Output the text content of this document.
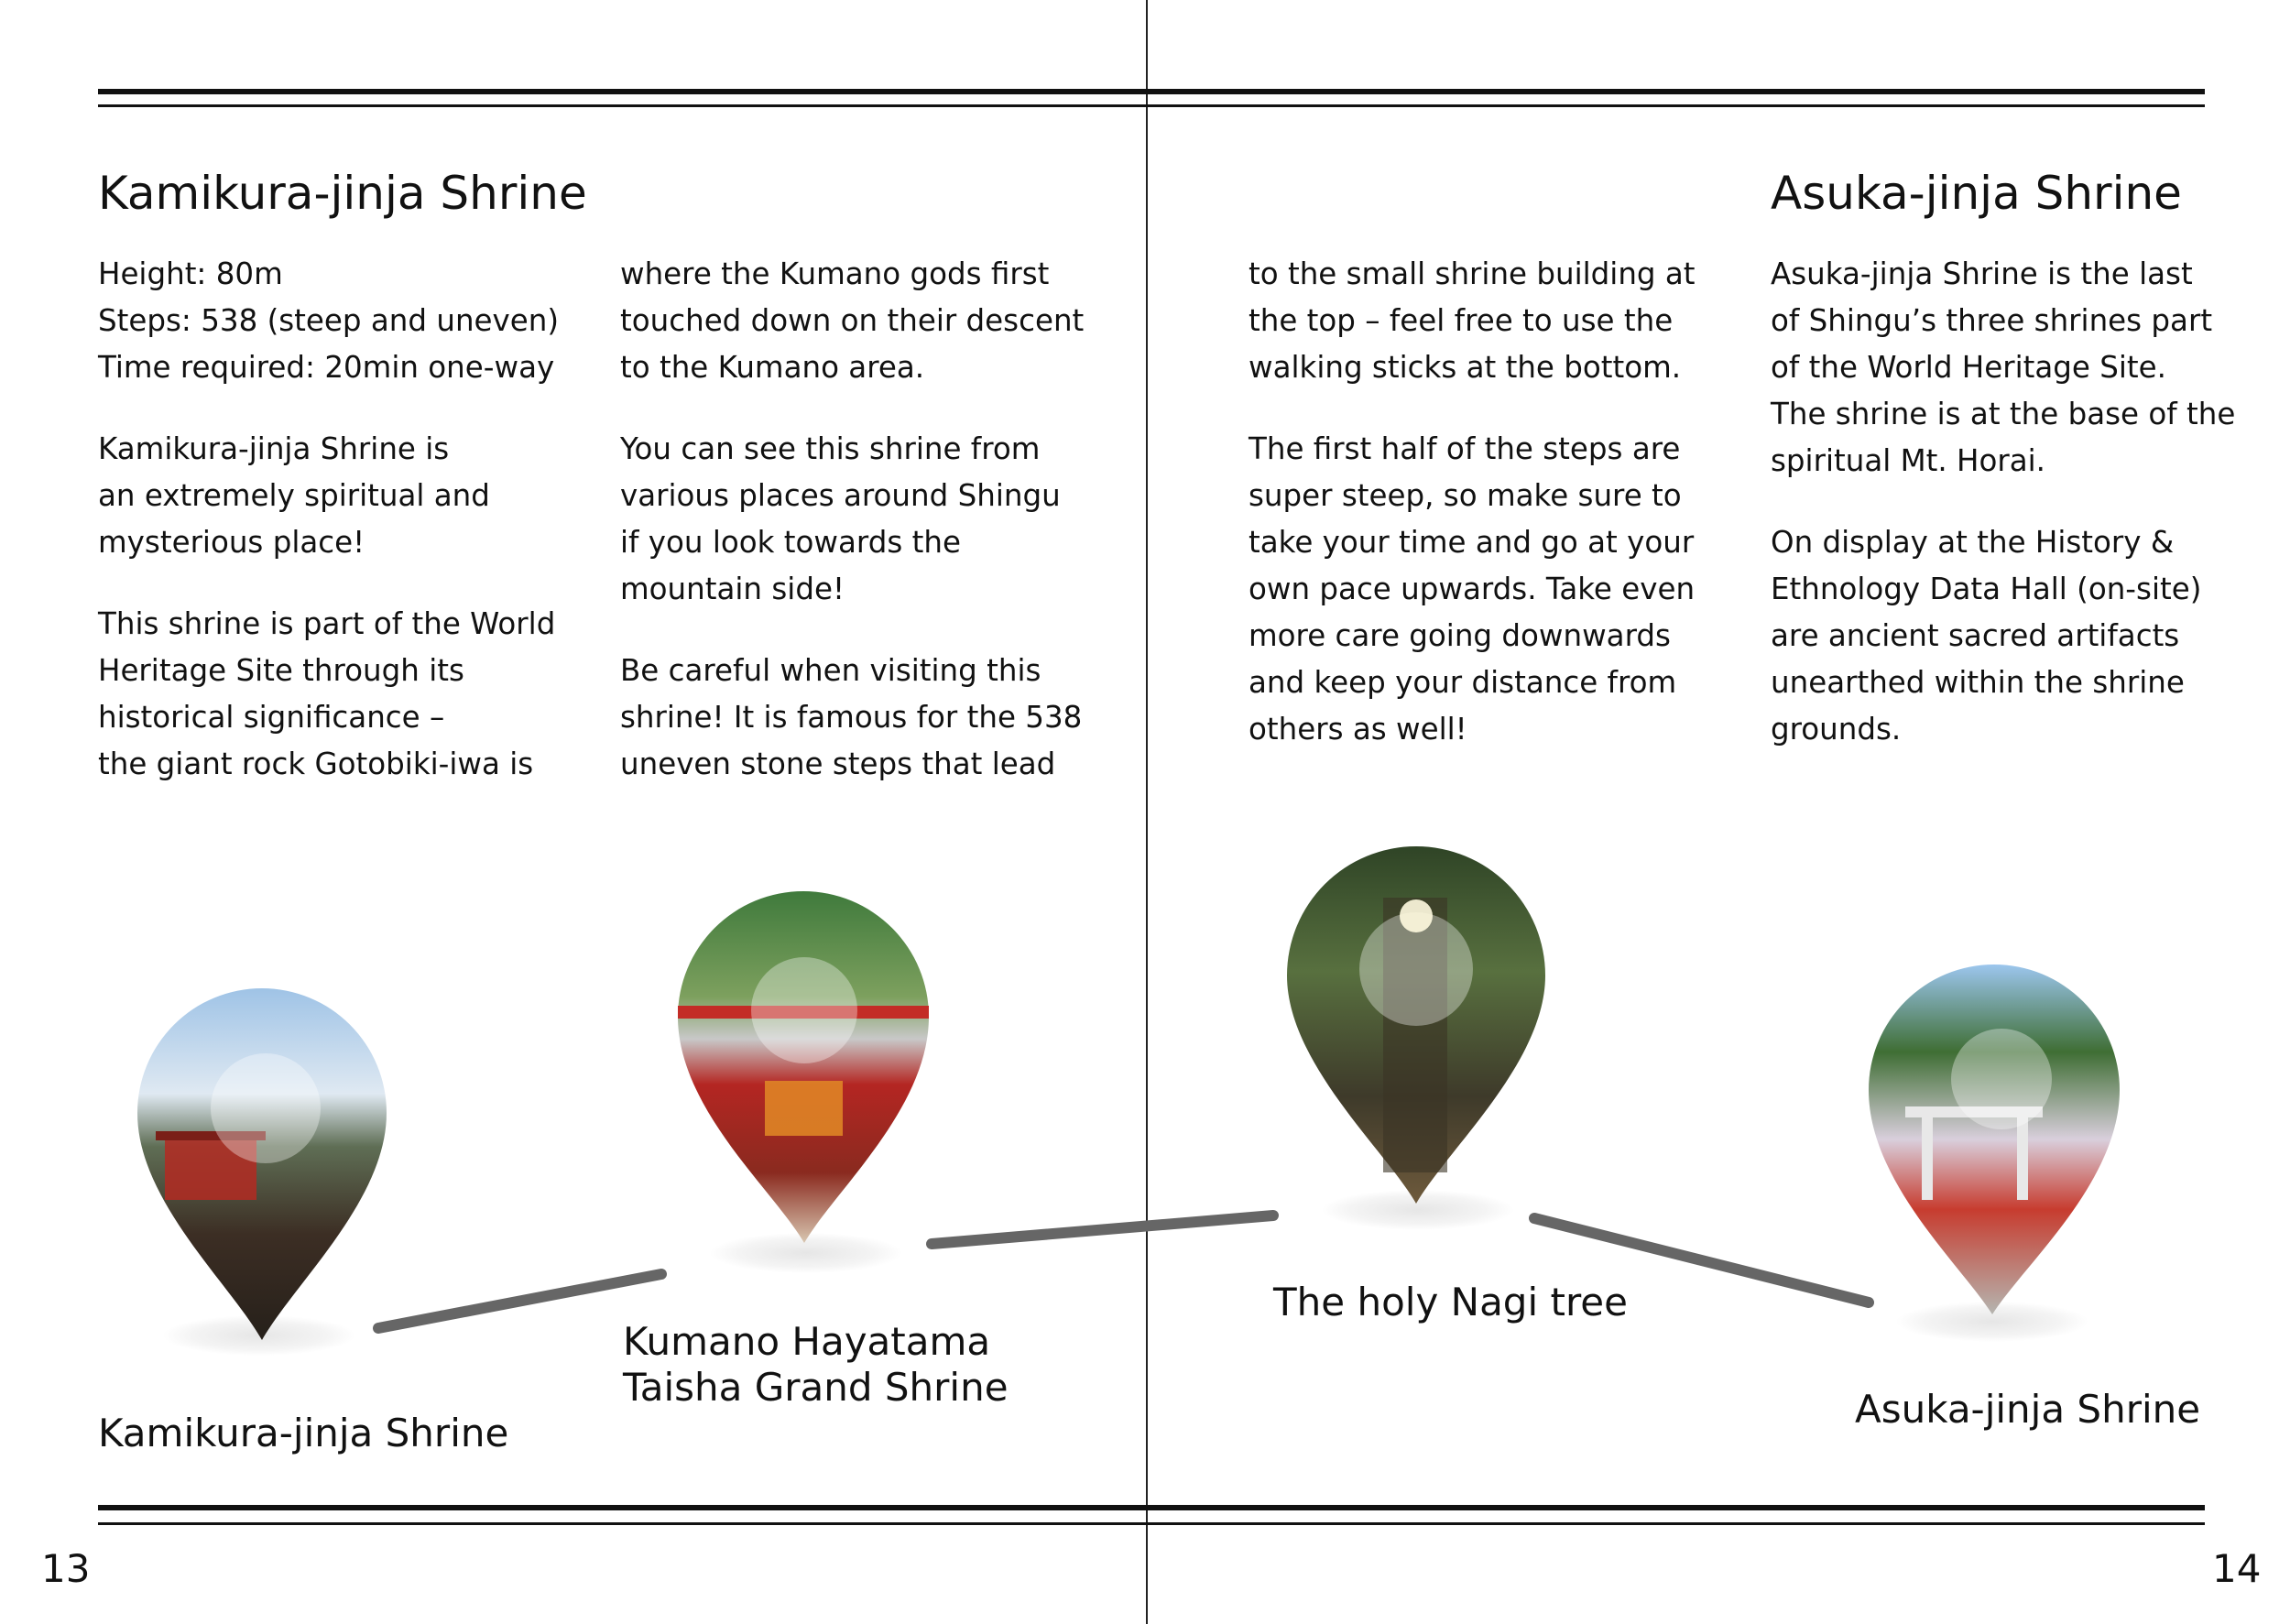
Kamikura-jinja Shrine	Asuka-jinja Shrine

Height: 80m
Steps: 538 (steep and uneven)
Time required: 20min one-way

Kamikura-jinja Shrine is
an extremely spiritual and
mysterious place!

This shrine is part of the World
Heritage Site through its
historical significance –
the giant rock Gotobiki-iwa is

where the Kumano gods first
touched down on their descent
to the Kumano area.

You can see this shrine from
various places around Shingu
if you look towards the
mountain side!

Be careful when visiting this
shrine! It is famous for the 538
uneven stone steps that lead

to the small shrine building at
the top – feel free to use the
walking sticks at the bottom.

The first half of the steps are
super steep, so make sure to
take your time and go at your
own pace upwards. Take even
more care going downwards
and keep your distance from
others as well!

Asuka-jinja Shrine is the last
of Shingu’s three shrines part
of the World Heritage Site.
The shrine is at the base of the
spiritual Mt. Horai.

On display at the History &
Ethnology Data Hall (on-site)
are ancient sacred artifacts
unearthed within the shrine
grounds.

Kamikura-jinja Shrine
Kumano Hayatama
Taisha Grand Shrine
The holy Nagi tree
Asuka-jinja Shrine
13	14
